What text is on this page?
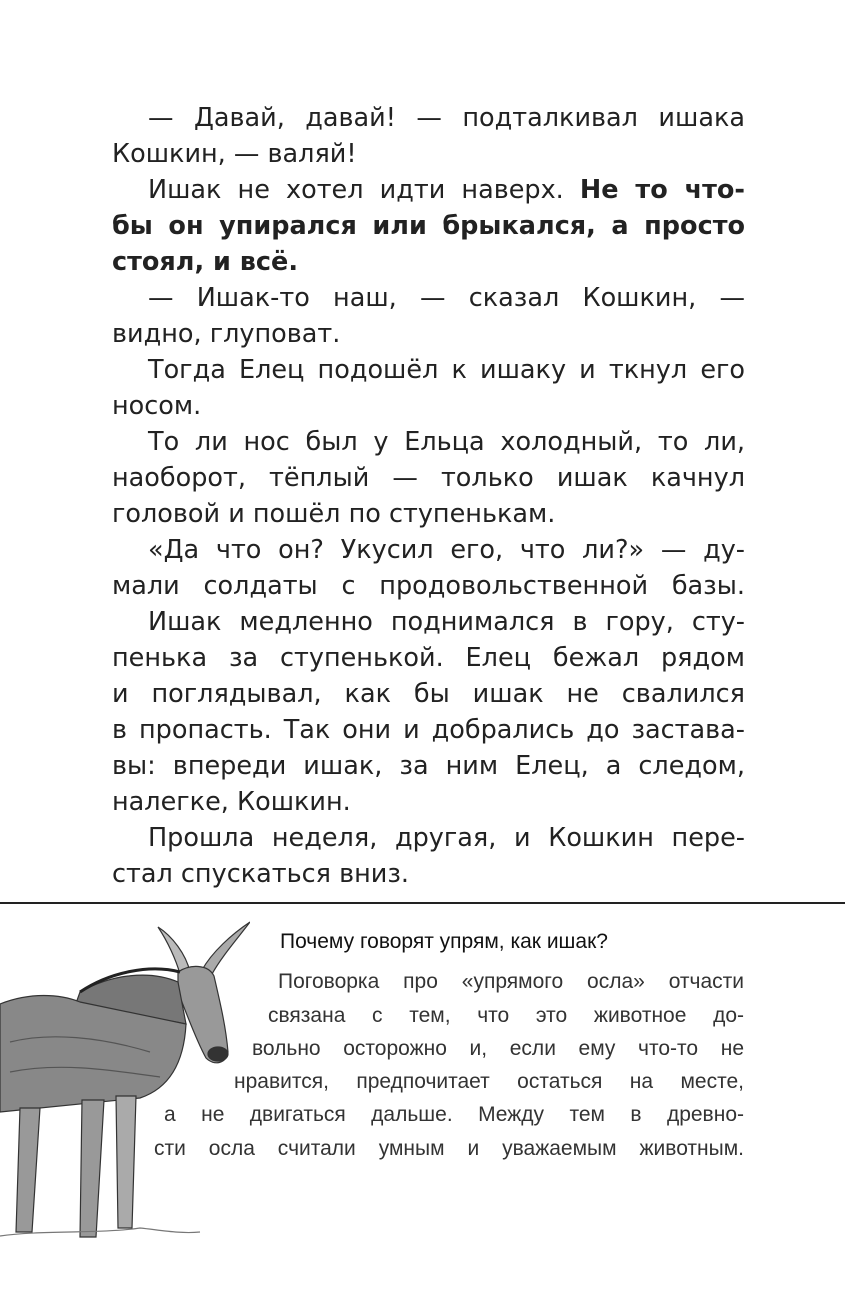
— Давай, давай! — подталкивал ишака
Кошкин, — валяй!
Ишак не хотел идти наверх. Не то что-
бы он упирался или брыкался, а просто
стоял, и всё.
— Ишак-то наш, — сказал Кошкин, —
видно, глуповат.
Тогда Елец подошёл к ишаку и ткнул его
носом.
То ли нос был у Ельца холодный, то ли,
наоборот, тёплый — только ишак качнул
головой и пошёл по ступенькам.
«Да что он? Укусил его, что ли?» — ду-
мали солдаты с продовольственной базы.
Ишак медленно поднимался в гору, сту-
пенька за ступенькой. Елец бежал рядом
и поглядывал, как бы ишак не свалился
в пропасть. Так они и добрались до застава-
вы: впереди ишак, за ним Елец, а следом,
налегке, Кошкин.
Прошла неделя, другая, и Кошкин пере-
стал спускаться вниз.
Почему говорят упрям, как ишак?
Поговорка про «упрямого осла» отчасти
связана с тем, что это животное до-
вольно осторожно и, если ему что-то не
нравится, предпочитает остаться на месте,
а не двигаться дальше. Между тем в древно-
сти осла считали умным и уважаемым животным.
